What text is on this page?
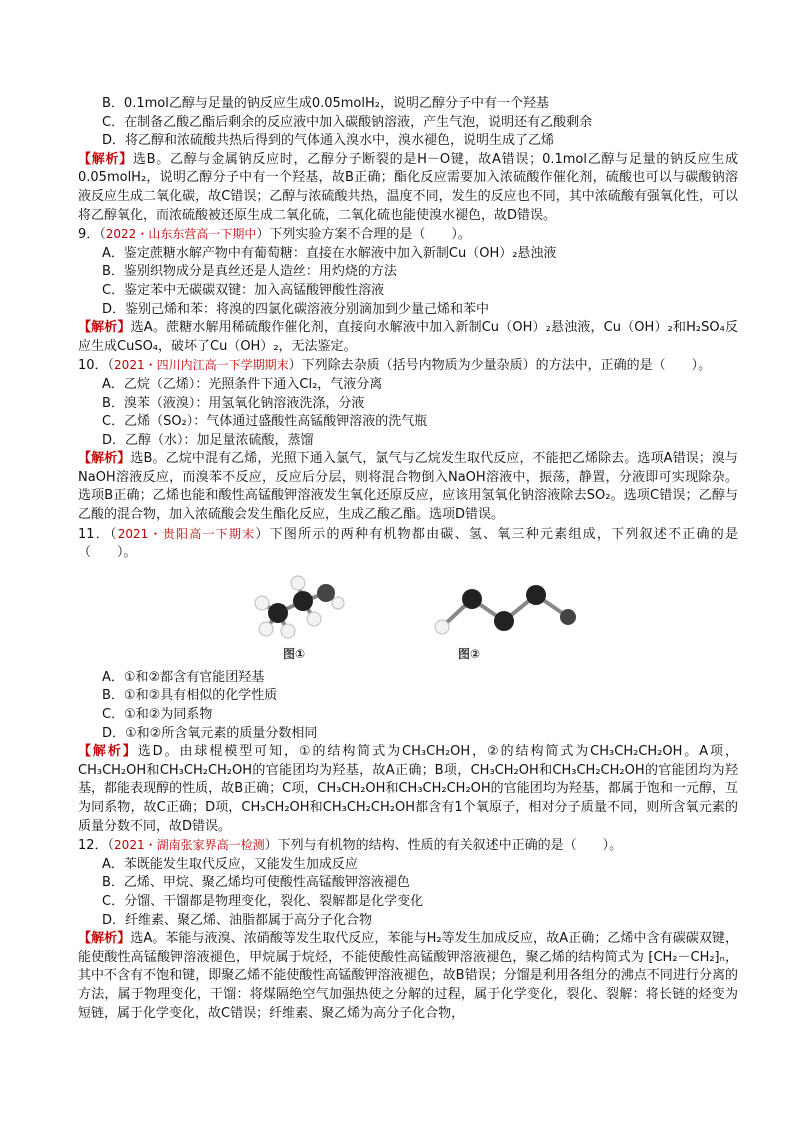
B．0.1mol乙醇与足量的钠反应生成0.05molH₂，说明乙醇分子中有一个羟基

C．在制备乙酸乙酯后剩余的反应液中加入碳酸钠溶液，产生气泡，说明还有乙酸剩余

D．将乙醇和浓硫酸共热后得到的气体通入溴水中，溴水褪色，说明生成了乙烯

【解析】选B。乙醇与金属钠反应时，乙醇分子断裂的是H－O键，故A错误；0.1mol乙醇与足量的钠反应生成0.05molH₂，说明乙醇分子中有一个羟基，故B正确；酯化反应需要加入浓硫酸作催化剂，硫酸也可以与碳酸钠溶液反应生成二氧化碳，故C错误；乙醇与浓硫酸共热，温度不同，发生的反应也不同，其中浓硫酸有强氧化性，可以将乙醇氧化，而浓硫酸被还原生成二氧化硫，二氧化硫也能使溴水褪色，故D错误。

9．（2022・山东东营高一下期中）下列实验方案不合理的是（　　）。

A．鉴定蔗糖水解产物中有葡萄糖：直接在水解液中加入新制Cu（OH）₂悬浊液

B．鉴别织物成分是真丝还是人造丝：用灼烧的方法

C．鉴定苯中无碳碳双键：加入高锰酸钾酸性溶液

D．鉴别己烯和苯：将溴的四氯化碳溶液分别滴加到少量己烯和苯中

【解析】选A。蔗糖水解用稀硫酸作催化剂，直接向水解液中加入新制Cu（OH）₂悬浊液，Cu（OH）₂和H₂SO₄反应生成CuSO₄，破坏了Cu（OH）₂，无法鉴定。

10．（2021・四川内江高一下学期期末）下列除去杂质（括号内物质为少量杂质）的方法中，正确的是（　　）。

A．乙烷（乙烯）：光照条件下通入Cl₂，气液分离

B．溴苯（液溴）：用氢氧化钠溶液洗涤，分液

C．乙烯（SO₂）：气体通过盛酸性高锰酸钾溶液的洗气瓶

D．乙醇（水）：加足量浓硫酸，蒸馏

【解析】选B。乙烷中混有乙烯，光照下通入氯气，氯气与乙烷发生取代反应，不能把乙烯除去。选项A错误；溴与NaOH溶液反应，而溴苯不反应，反应后分层，则将混合物倒入NaOH溶液中，振荡，静置，分液即可实现除杂。选项B正确；乙烯也能和酸性高锰酸钾溶液发生氧化还原反应，应该用氢氧化钠溶液除去SO₂。选项C错误；乙醇与乙酸的混合物，加入浓硫酸会发生酯化反应，生成乙酸乙酯。选项D错误。

11．（2021・贵阳高一下期末）下图所示的两种有机物都由碳、氢、氧三种元素组成，下列叙述不正确的是（　　）。

图①	图②

A．①和②都含有官能团羟基

B．①和②具有相似的化学性质

C．①和②为同系物

D．①和②所含氧元素的质量分数相同

【解析】选D。由球棍模型可知，①的结构简式为CH₃CH₂OH，②的结构简式为CH₃CH₂CH₂OH。A项，CH₃CH₂OH和CH₃CH₂CH₂OH的官能团均为羟基，故A正确；B项，CH₃CH₂OH和CH₃CH₂CH₂OH的官能团均为羟基，都能表现醇的性质，故B正确；C项，CH₃CH₂OH和CH₃CH₂CH₂OH的官能团均为羟基，都属于饱和一元醇，互为同系物，故C正确；D项，CH₃CH₂OH和CH₃CH₂CH₂OH都含有1个氧原子，相对分子质量不同，则所含氧元素的质量分数不同，故D错误。

12．（2021・湖南张家界高一检测）下列与有机物的结构、性质的有关叙述中正确的是（　　）。

A．苯既能发生取代反应，又能发生加成反应

B．乙烯、甲烷、聚乙烯均可使酸性高锰酸钾溶液褪色

C．分馏、干馏都是物理变化，裂化、裂解都是化学变化

D．纤维素、聚乙烯、油脂都属于高分子化合物

【解析】选A。苯能与液溴、浓硝酸等发生取代反应，苯能与H₂等发生加成反应，故A正确；乙烯中含有碳碳双键，能使酸性高锰酸钾溶液褪色，甲烷属于烷烃，不能使酸性高锰酸钾溶液褪色，聚乙烯的结构简式为 ⁅CH₂－CH₂⁆ₙ，其中不含有不饱和键，即聚乙烯不能使酸性高锰酸钾溶液褪色，故B错误；分馏是利用各组分的沸点不同进行分离的方法，属于物理变化，干馏：将煤隔绝空气加强热使之分解的过程，属于化学变化，裂化、裂解：将长链的烃变为短链，属于化学变化，故C错误；纤维素、聚乙烯为高分子化合物，
